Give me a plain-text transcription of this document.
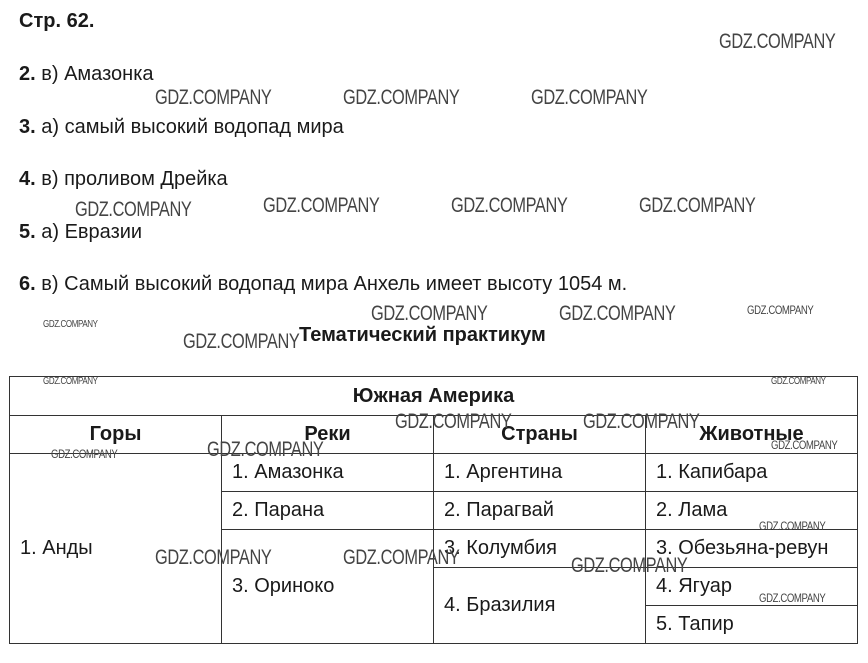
Стр. 62.
2. в) Амазонка
3. а) самый высокий водопад мира
4. в) проливом Дрейка
5. а) Евразии
6. в) Самый высокий водопад мира Анхель имеет высоту 1054 м.
Тематический практикум
Южная Америка			
Горы	Реки	Страны	Животные
1. Анды	1. Амазонка	1. Аргентина	1. Капибара
	2. Парана	2. Парагвай	2. Лама
	3. Ориноко	3. Колумбия	3. Обезьяна-ревун
		4. Бразилия	4. Ягуар
			5. Тапир
GDZ.COMPANY
GDZ.COMPANY	GDZ.COMPANY	GDZ.COMPANY
GDZ.COMPANY	GDZ.COMPANY	GDZ.COMPANY	GDZ.COMPANY
GDZ.COMPANY	GDZ.COMPANY	GDZ.COMPANY
GDZ.COMPANY
GDZ.COMPANY
GDZ.COMPANY	GDZ.COMPANY
GDZ.COMPANY	GDZ.COMPANY
GDZ.COMPANY
GDZ.COMPANY
GDZ.COMPANY
GDZ.COMPANY
GDZ.COMPANY	GDZ.COMPANY	GDZ.COMPANY
GDZ.COMPANY
